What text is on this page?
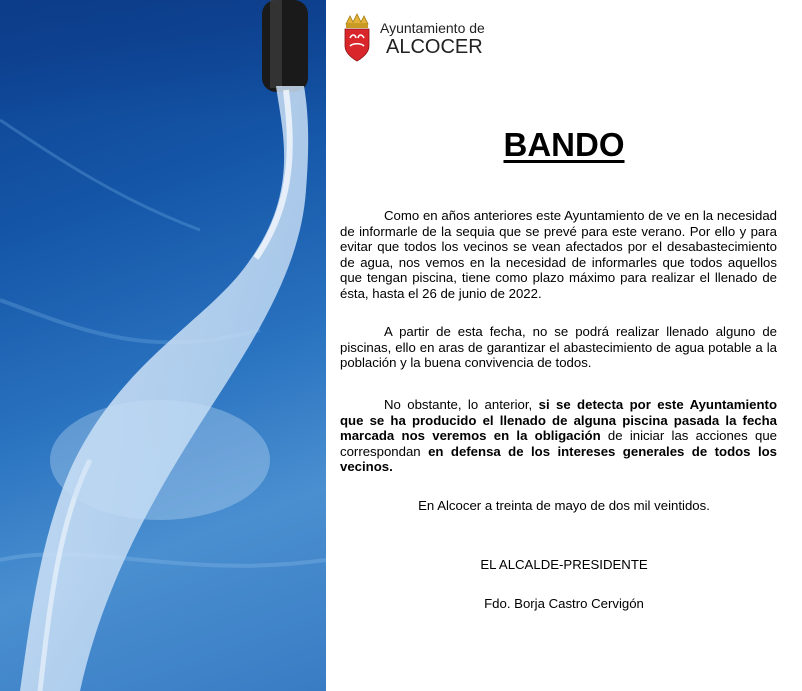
Ayuntamiento de
ALCOCER
BANDO

Como en años anteriores este Ayuntamiento de ve en la necesidad de informarle de la sequia que se prevé para este verano. Por ello y para evitar que todos los vecinos se vean afectados por el desabastecimiento de agua, nos vemos en la necesidad de informarles que todos aquellos que tengan piscina, tiene como plazo máximo para realizar el llenado de ésta, hasta el 26 de junio de 2022.

A partir de esta fecha, no se podrá realizar llenado alguno de piscinas, ello en aras de garantizar el abastecimiento de agua potable a la población y la buena convivencia de todos.

No obstante, lo anterior, si se detecta por este Ayuntamiento que se ha producido el llenado de alguna piscina pasada la fecha marcada nos veremos en la obligación de iniciar las acciones que correspondan en defensa de los intereses generales de todos los vecinos.

En Alcocer a treinta de mayo de dos mil veintidos.
EL ALCALDE-PRESIDENTE
Fdo. Borja Castro Cervigón
